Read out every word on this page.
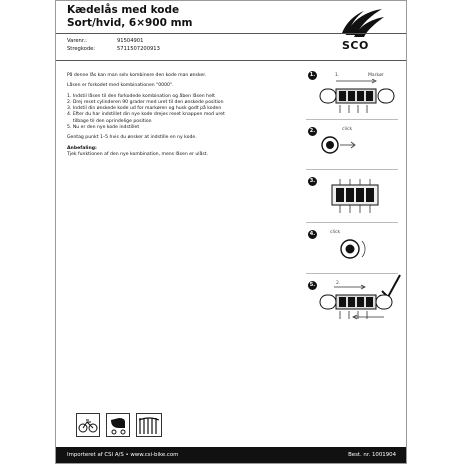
Kædelås med kode
Sort/hvid, 6×900 mm
Varenr.:	91504901
Stregkode:	5711507200913	SCO

På denne lås kan man selv kombinere den kode man ønsker.

Låsen er forkodet med kombinationen "0000".

1. Indstil låsen til den forkodede kombination og åben låsen helt
2. Drej reset cylinderen 90 grader med uret til den ønskede position
3. Indstil din ønskede kode ud for markøren og husk godt på koden
4. Efter du har indstillet din nye kode drejes reset knappen mod uret
tilbage til den oprindelige position
5. Nu er den nye kode indstillet

Gentag punkt 1–5 hvis du ønsker at indstille en ny kode.

Anbefaling:
Tjek funktionen af den nye kombination, mens låsen er ulåst.
1.	1.	Markør
2.	click
3.
4.	click
5.	2.
Importeret af CSI A/S • www.csi-bike.com	Best. nr. 1001904
